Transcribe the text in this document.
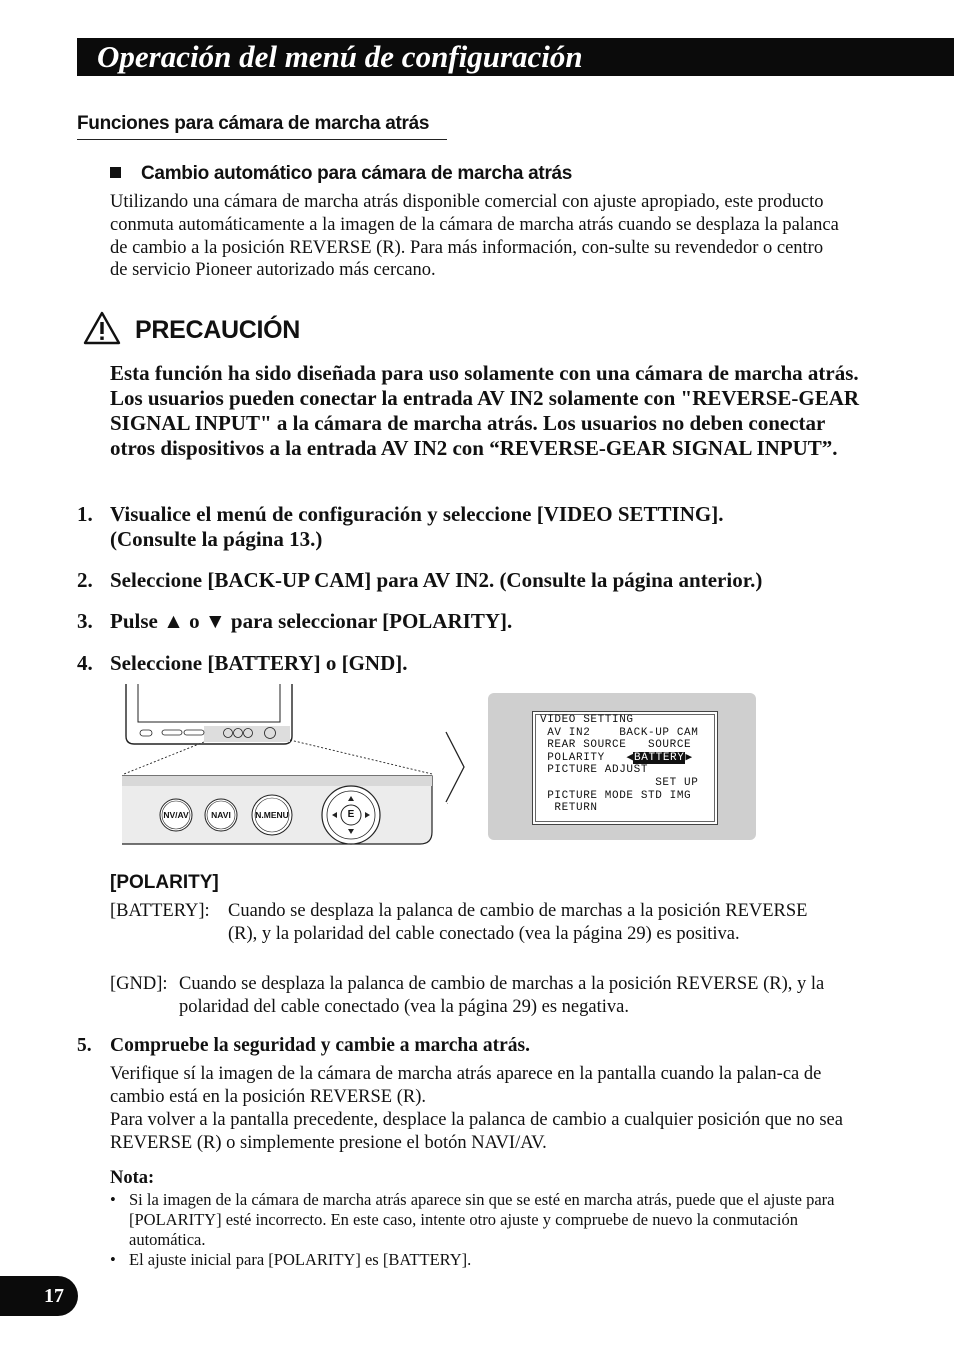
Operación del menú de configuración
Funciones para cámara de marcha atrás
Cambio automático para cámara de marcha atrás
Utilizando una cámara de marcha atrás disponible comercial con ajuste apropiado, este producto conmuta automáticamente a la imagen de la cámara de marcha atrás cuando se desplaza la palanca de cambio a la posición REVERSE (R). Para más información, con-sulte su revendedor o centro de servicio Pioneer autorizado más cercano.
PRECAUCIÓN
Esta función ha sido diseñada para uso solamente con una cámara de marcha atrás. Los usuarios pueden conectar la entrada AV IN2 solamente con "REVERSE-GEAR SIGNAL INPUT" a la cámara de marcha atrás. Los usuarios no deben conectar otros dispositivos a la entrada AV IN2 con “REVERSE-GEAR SIGNAL INPUT”.
1. Visualice el menú de configuración y seleccione [VIDEO SETTING]. (Consulte la página 13.)
2. Seleccione [BACK-UP CAM] para AV IN2. (Consulte la página anterior.)
3. Pulse ▲ o ▼ para seleccionar [POLARITY].
4. Seleccione [BATTERY] o [GND].
NV/AV	NAVI	N.MENU	E
VIDEO SETTING
AV IN2    BACK-UP CAM
REAR SOURCE   SOURCE
POLARITY   ◀BATTERY▶
PICTURE ADJUST
SET UP
PICTURE MODE STD IMG
RETURN
[POLARITY]
[BATTERY]: Cuando se desplaza la palanca de cambio de marchas a la posición REVERSE (R), y la polaridad del cable conectado (vea la página 29) es positiva.
[GND]: Cuando se desplaza la palanca de cambio de marchas a la posición REVERSE (R), y la polaridad del cable conectado (vea la página 29) es negativa.
5. Compruebe la seguridad y cambie a marcha atrás.
Verifique sí la imagen de la cámara de marcha atrás aparece en la pantalla cuando la palan-ca de cambio está en la posición REVERSE (R).
Para volver a la pantalla precedente, desplace la palanca de cambio a cualquier posición que no sea REVERSE (R) o simplemente presione el botón NAVI/AV.
Nota:
• Si la imagen de la cámara de marcha atrás aparece sin que se esté en marcha atrás, puede que el ajuste para [POLARITY] esté incorrecto. En este caso, intente otro ajuste y compruebe de nuevo la conmutación automática.
• El ajuste inicial para [POLARITY] es [BATTERY].
17
